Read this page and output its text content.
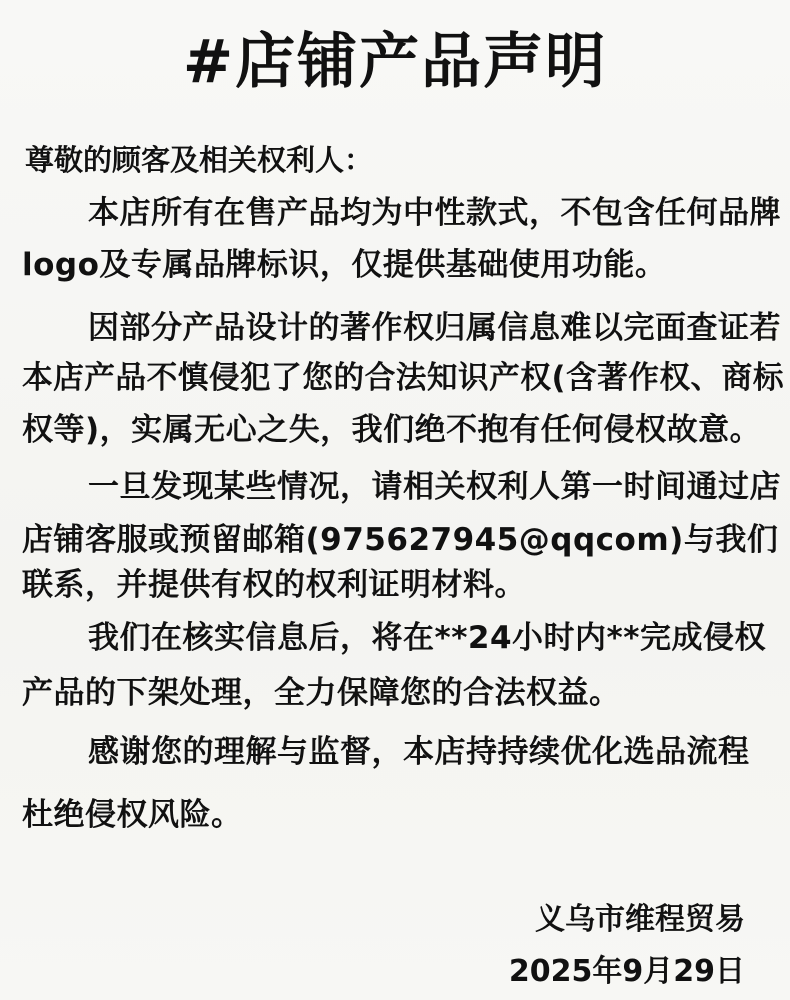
#店铺产品声明
尊敬的顾客及相关权利人：
本店所有在售产品均为中性款式，不包含任何品牌
logo及专属品牌标识，仅提供基础使用功能。
因部分产品设计的著作权归属信息难以完面查证若
本店产品不慎侵犯了您的合法知识产权(含著作权、商标
权等)，实属无心之失，我们绝不抱有任何侵权故意。
一旦发现某些情况，请相关权利人第一时间通过店
店铺客服或预留邮箱(975627945@qqcom)与我们
联系，并提供有权的权利证明材料。
我们在核实信息后，将在**24小时内**完成侵权
产品的下架处理，全力保障您的合法权益。
感谢您的理解与监督，本店持持续优化选品流程
杜绝侵权风险。
义乌市维程贸易
2025年9月29日
